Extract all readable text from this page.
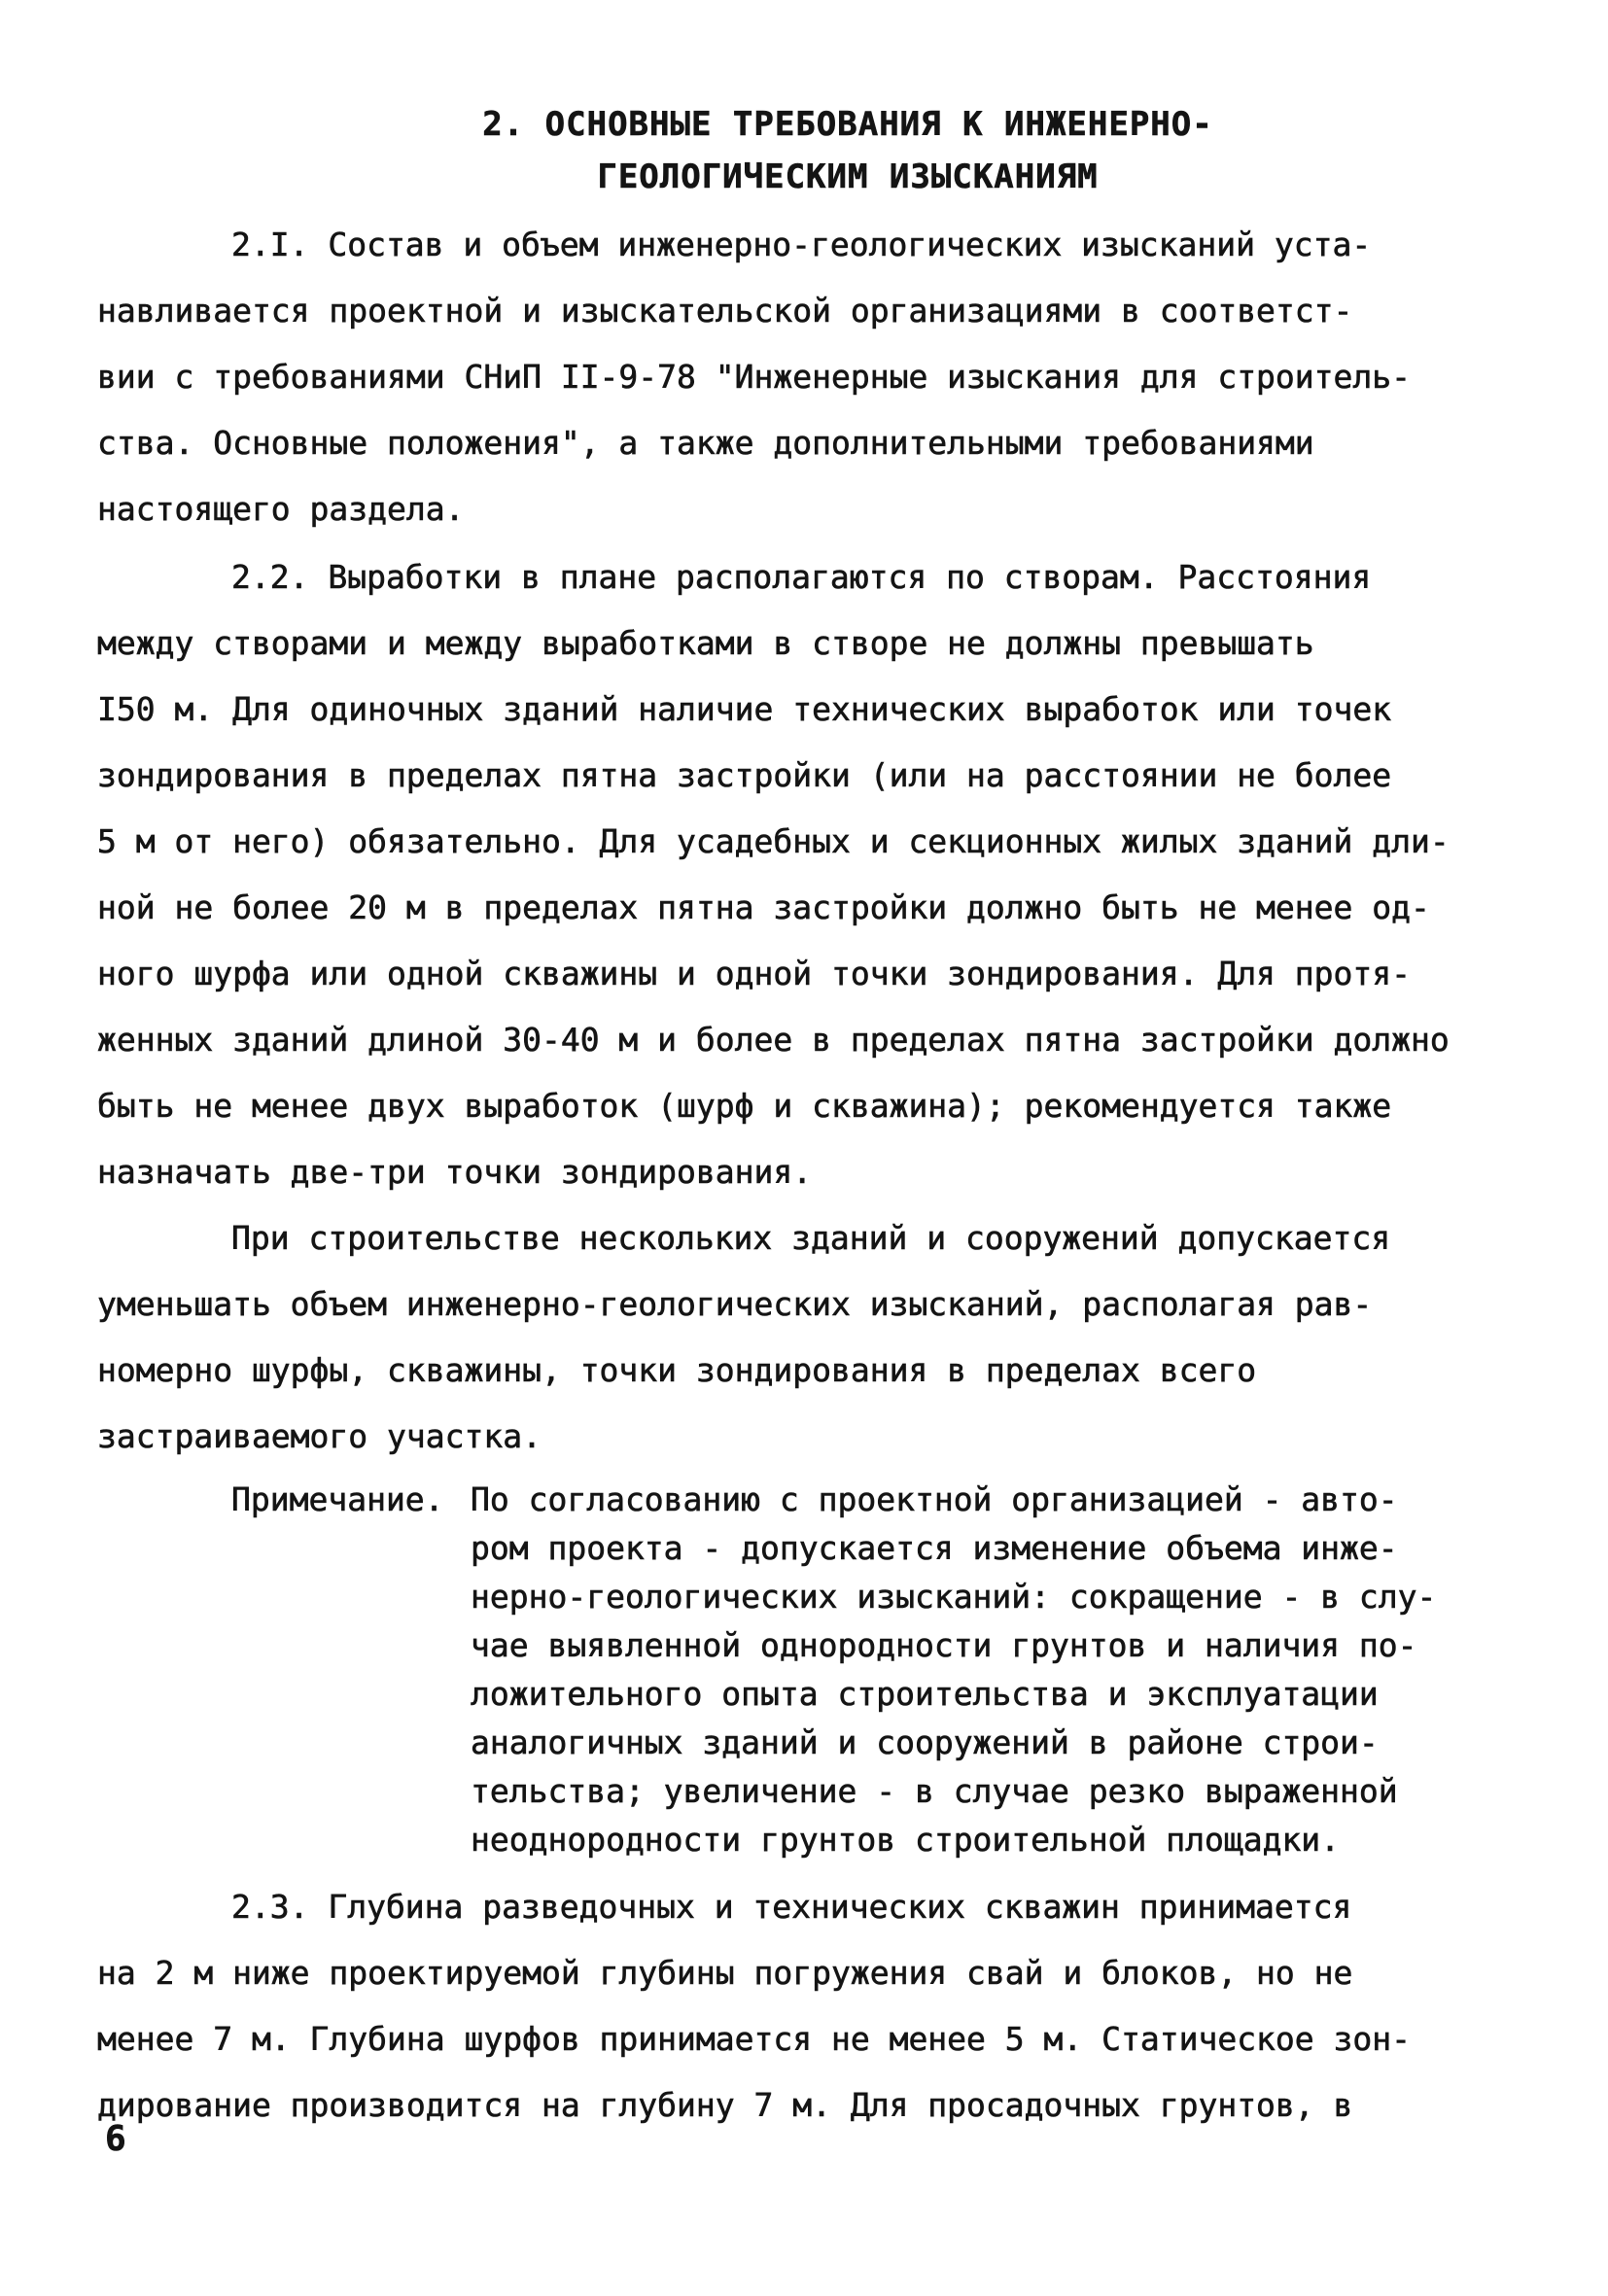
2. ОСНОВНЫЕ ТРЕБОВАНИЯ К ИНЖЕНЕРНО-
ГЕОЛОГИЧЕСКИМ ИЗЫСКАНИЯМ
2.I. Состав и объем инженерно-геологических изысканий уста-
навливается проектной и изыскательской организациями в соответст-
вии с требованиями СНиП II-9-78 "Инженерные изыскания для строитель-
ства. Основные положения", а также дополнительными требованиями
настоящего раздела.
2.2. Выработки в плане располагаются по створам. Расстояния
между створами и между выработками в створе не должны превышать
I50 м. Для одиночных зданий наличие технических выработок или точек
зондирования в пределах пятна застройки (или на расстоянии не более
5 м от него) обязательно. Для усадебных и секционных жилых зданий дли-
ной не более 20 м в пределах пятна застройки должно быть не менее од-
ного шурфа или одной скважины и одной точки зондирования. Для протя-
женных зданий длиной 30-40 м и более в пределах пятна застройки должно
быть не менее двух выработок (шурф и скважина); рекомендуется также
назначать две-три точки зондирования.
При строительстве нескольких зданий и сооружений допускается
уменьшать объем инженерно-геологических изысканий, располагая рав-
номерно шурфы, скважины, точки зондирования в пределах всего
застраиваемого участка.
Примечание. По согласованию с проектной организацией - авто-
ром проекта - допускается изменение объема инже-
нерно-геологических изысканий: сокращение - в слу-
чае выявленной однородности грунтов и наличия по-
ложительного опыта строительства и эксплуатации
аналогичных зданий и сооружений в районе строи-
тельства; увеличение - в случае резко выраженной
неоднородности грунтов строительной площадки.
2.3. Глубина разведочных и технических скважин принимается
на 2 м ниже проектируемой глубины погружения свай и блоков, но не
менее 7 м. Глубина шурфов принимается не менее 5 м. Статическое зон-
дирование производится на глубину 7 м. Для просадочных грунтов, в
6
